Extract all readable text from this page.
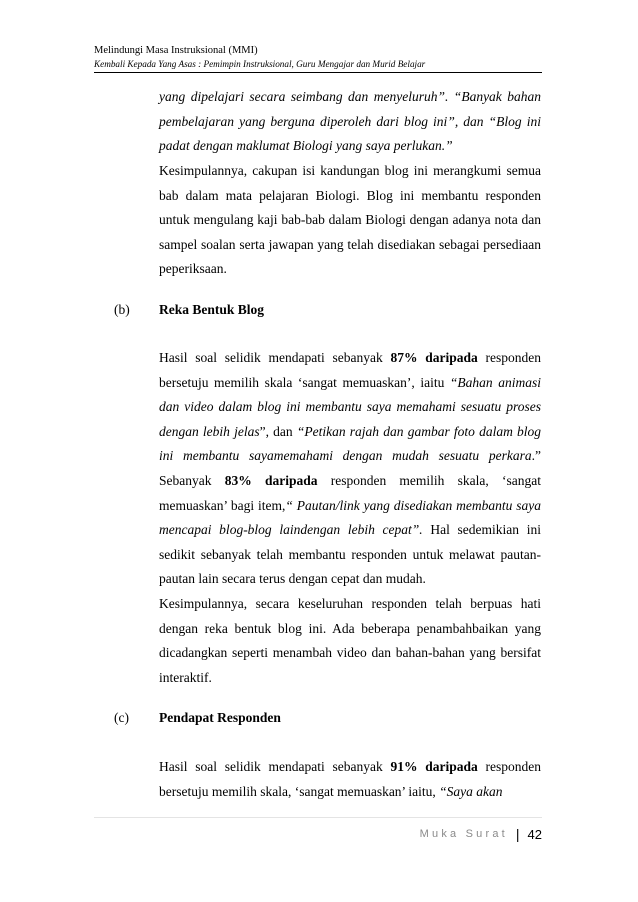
Melindungi Masa Instruksional (MMI)

Kembali Kepada Yang Asas : Pemimpin Instruksional, Guru Mengajar dan Murid Belajar

yang dipelajari secara seimbang dan menyeluruh”. “Banyak bahan pembelajaran yang berguna diperoleh dari blog ini”, dan “Blog ini padat dengan maklumat Biologi yang saya perlukan.”

Kesimpulannya, cakupan isi kandungan blog ini merangkumi semua bab dalam mata pelajaran Biologi. Blog ini membantu responden untuk mengulang kaji bab-bab dalam Biologi dengan adanya nota dan sampel soalan serta jawapan yang telah disediakan sebagai persediaan peperiksaan.

(b) Reka Bentuk Blog

Hasil soal selidik mendapati sebanyak 87% daripada responden bersetuju memilih skala ‘sangat memuaskan’, iaitu “Bahan animasi dan video dalam blog ini membantu saya memahami sesuatu proses dengan lebih jelas”, dan “Petikan rajah dan gambar foto dalam blog ini membantu sayamemahami dengan mudah sesuatu perkara.” Sebanyak 83% daripada responden memilih skala, ‘sangat memuaskan’ bagi item,“ Pautan/link yang disediakan membantu saya mencapai blog-blog laindengan lebih cepat”. Hal sedemikian ini sedikit sebanyak telah membantu responden untuk melawat pautan-pautan lain secara terus dengan cepat dan mudah.

Kesimpulannya, secara keseluruhan responden telah berpuas hati dengan reka bentuk blog ini. Ada beberapa penambahbaikan yang dicadangkan seperti menambah video dan bahan-bahan yang bersifat interaktif.

(c) Pendapat Responden

Hasil soal selidik mendapati sebanyak 91% daripada responden bersetuju memilih skala, ‘sangat memuaskan’ iaitu, “Saya akan

Muka Surat | 42
